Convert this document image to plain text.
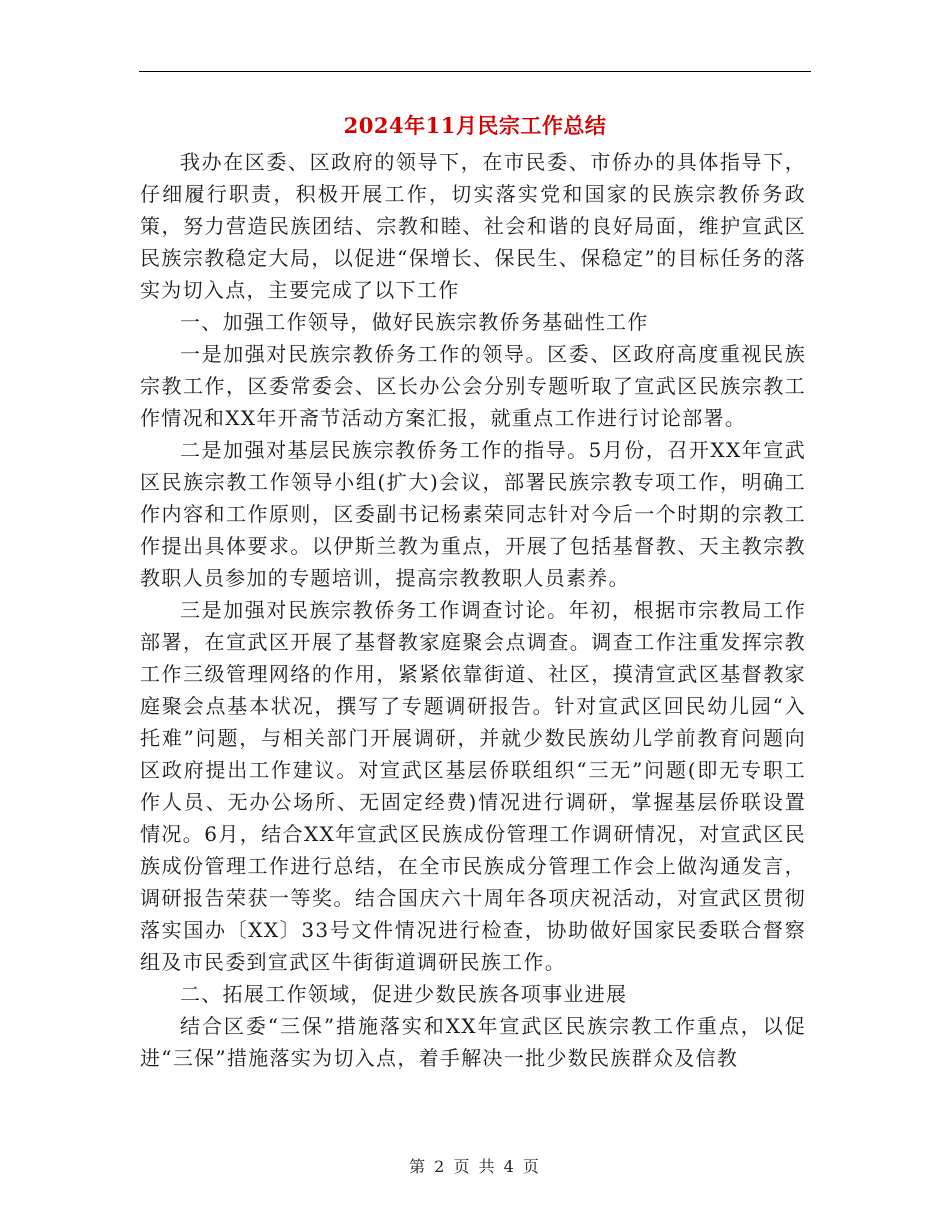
2024年11月民宗工作总结

我办在区委、区政府的领导下，在市民委、市侨办的具体指导下，仔细履行职责，积极开展工作，切实落实党和国家的民族宗教侨务政策，努力营造民族团结、宗教和睦、社会和谐的良好局面，维护宣武区民族宗教稳定大局，以促进“保增长、保民生、保稳定”的目标任务的落实为切入点，主要完成了以下工作

一、加强工作领导，做好民族宗教侨务基础性工作

一是加强对民族宗教侨务工作的领导。区委、区政府高度重视民族宗教工作，区委常委会、区长办公会分别专题听取了宣武区民族宗教工作情况和XX年开斋节活动方案汇报，就重点工作进行讨论部署。

二是加强对基层民族宗教侨务工作的指导。5月份，召开XX年宣武区民族宗教工作领导小组(扩大)会议，部署民族宗教专项工作，明确工作内容和工作原则，区委副书记杨素荣同志针对今后一个时期的宗教工作提出具体要求。以伊斯兰教为重点，开展了包括基督教、天主教宗教教职人员参加的专题培训，提高宗教教职人员素养。

三是加强对民族宗教侨务工作调查讨论。年初，根据市宗教局工作部署，在宣武区开展了基督教家庭聚会点调查。调查工作注重发挥宗教工作三级管理网络的作用，紧紧依靠街道、社区，摸清宣武区基督教家庭聚会点基本状况，撰写了专题调研报告。针对宣武区回民幼儿园“入托难”问题，与相关部门开展调研，并就少数民族幼儿学前教育问题向区政府提出工作建议。对宣武区基层侨联组织“三无”问题(即无专职工作人员、无办公场所、无固定经费)情况进行调研，掌握基层侨联设置情况。6月，结合XX年宣武区民族成份管理工作调研情况，对宣武区民族成份管理工作进行总结，在全市民族成分管理工作会上做沟通发言，调研报告荣获一等奖。结合国庆六十周年各项庆祝活动，对宣武区贯彻落实国办〔XX〕33号文件情况进行检查，协助做好国家民委联合督察组及市民委到宣武区牛街街道调研民族工作。

二、拓展工作领域，促进少数民族各项事业进展

结合区委“三保”措施落实和XX年宣武区民族宗教工作重点，以促进“三保”措施落实为切入点，着手解决一批少数民族群众及信教

第 2 页 共 4 页
